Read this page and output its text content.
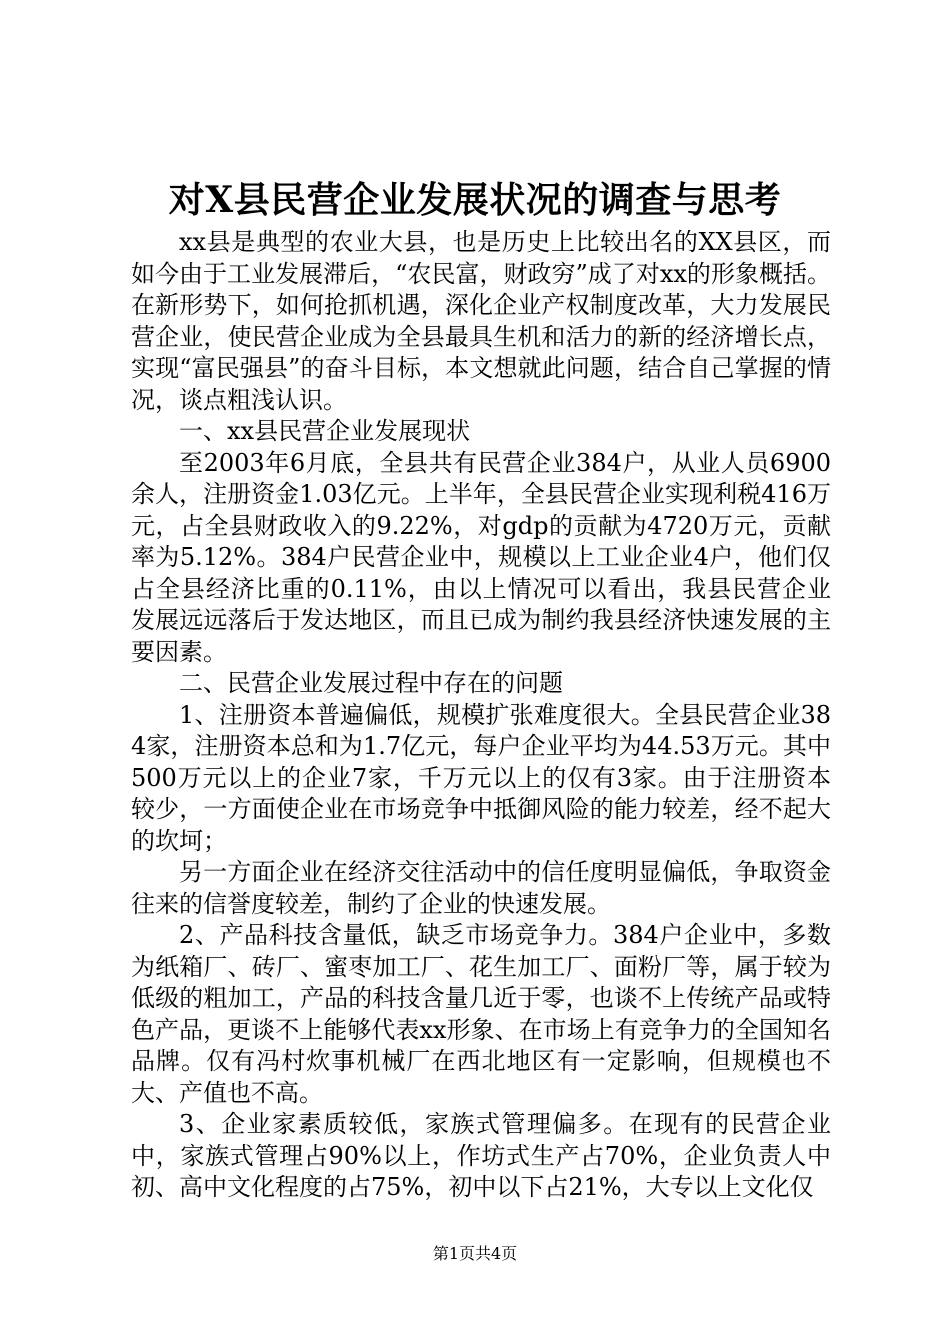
对X县民营企业发展状况的调查与思考

xx县是典型的农业大县，也是历史上比较出名的XX县区，而如今由于工业发展滞后，“农民富，财政穷”成了对xx的形象概括。在新形势下，如何抢抓机遇，深化企业产权制度改革，大力发展民营企业，使民营企业成为全县最具生机和活力的新的经济增长点，实现“富民强县”的奋斗目标，本文想就此问题，结合自己掌握的情况，谈点粗浅认识。

一、xx县民营企业发展现状

至2003年6月底，全县共有民营企业384户，从业人员6900余人，注册资金1.03亿元。上半年，全县民营企业实现利税416万元，占全县财政收入的9.22%，对gdp的贡献为4720万元，贡献率为5.12%。384户民营企业中，规模以上工业企业4户，他们仅占全县经济比重的0.11%，由以上情况可以看出，我县民营企业发展远远落后于发达地区，而且已成为制约我县经济快速发展的主要因素。

二、民营企业发展过程中存在的问题

1、注册资本普遍偏低，规模扩张难度很大。全县民营企业384家，注册资本总和为1.7亿元，每户企业平均为44.53万元。其中500万元以上的企业7家，千万元以上的仅有3家。由于注册资本较少，一方面使企业在市场竞争中抵御风险的能力较差，经不起大的坎坷；

另一方面企业在经济交往活动中的信任度明显偏低，争取资金往来的信誉度较差，制约了企业的快速发展。

2、产品科技含量低，缺乏市场竞争力。384户企业中，多数为纸箱厂、砖厂、蜜枣加工厂、花生加工厂、面粉厂等，属于较为低级的粗加工，产品的科技含量几近于零，也谈不上传统产品或特色产品，更谈不上能够代表xx形象、在市场上有竞争力的全国知名品牌。仅有冯村炊事机械厂在西北地区有一定影响，但规模也不大、产值也不高。

3、企业家素质较低，家族式管理偏多。在现有的民营企业中，家族式管理占90%以上，作坊式生产占70%，企业负责人中初、高中文化程度的占75%，初中以下占21%，大专以上文化仅

第1页共4页
